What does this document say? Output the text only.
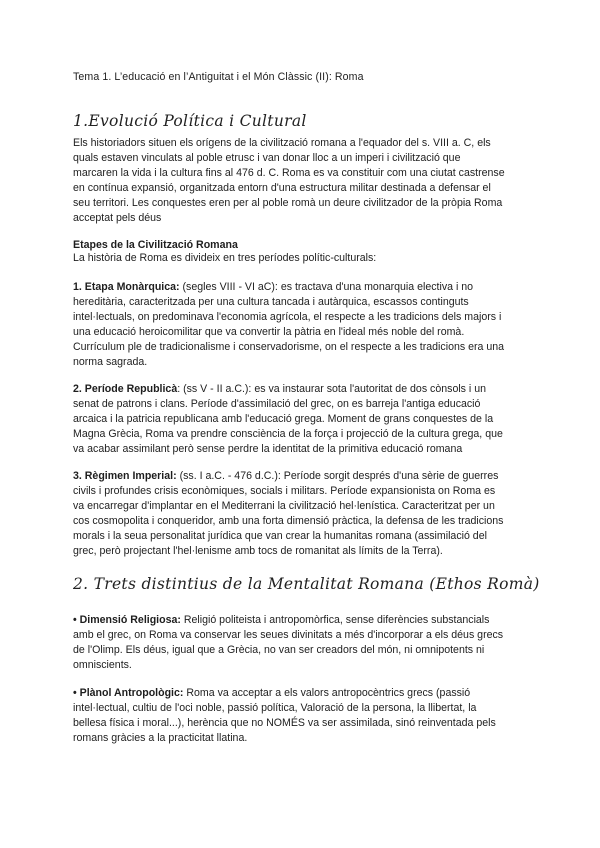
Tema 1. L’educació en l’Antiguitat i el Món Clàssic (II): Roma
1.Evolució Política i Cultural

Els historiadors situen els orígens de la civilització romana a l'equador del s. VIII a. C, els
quals estaven vinculats al poble etrusc i van donar lloc a un imperi i civilització que
marcaren la vida i la cultura fins al 476 d. C. Roma es va constituir com una ciutat castrense
en contínua expansió, organitzada entorn d'una estructura militar destinada a defensar el
seu territori. Les conquestes eren per al poble romà un deure civilitzador de la pròpia Roma
acceptat pels déus

Etapes de la Civilització Romana

La història de Roma es divideix en tres períodes polític-culturals:

1. Etapa Monàrquica: (segles VIII - VI aC): es tractava d'una monarquia electiva i no
hereditària, caracteritzada per una cultura tancada i autàrquica, escassos continguts
intel·lectuals, on predominava l'economia agrícola, el respecte a les tradicions dels majors i
una educació heroicomilitar que va convertir la pàtria en l'ideal més noble del romà.
Currículum ple de tradicionalisme i conservadorisme, on el respecte a les tradicions era una
norma sagrada.

2. Període Republicà: (ss V - II a.C.): es va instaurar sota l'autoritat de dos cònsols i un
senat de patrons i clans. Període d'assimilació del grec, on es barreja l'antiga educació
arcaica i la patricia republicana amb l'educació grega. Moment de grans conquestes de la
Magna Grècia, Roma va prendre consciència de la força i projecció de la cultura grega, que
va acabar assimilant però sense perdre la identitat de la primitiva educació romana

3. Règimen Imperial: (ss. I a.C. - 476 d.C.): Període sorgit després d'una sèrie de guerres
civils i profundes crisis econòmiques, socials i militars. Període expansionista on Roma es
va encarregar d'implantar en el Mediterrani la civilització hel·lenística. Caracteritzat per un
cos cosmopolita i conqueridor, amb una forta dimensió pràctica, la defensa de les tradicions
morals i la seua personalitat jurídica que van crear la humanitas romana (assimilació del
grec, però projectant l'hel·lenisme amb tocs de romanitat als límits de la Terra).

2. Trets distintius de la Mentalitat Romana (Ethos Romà)

• Dimensió Religiosa: Religió politeista i antropomòrfica, sense diferències substancials
amb el grec, on Roma va conservar les seues divinitats a més d'incorporar a els déus grecs
de l'Olimp. Els déus, igual que a Grècia, no van ser creadors del món, ni omnipotents ni
omniscients.

• Plànol Antropològic: Roma va acceptar a els valors antropocèntrics grecs (passió
intel·lectual, cultiu de l'oci noble, passió política, Valoració de la persona, la llibertat, la
bellesa física i moral...), herència que no NOMÉS va ser assimilada, sinó reinventada pels
romans gràcies a la practicitat llatina.
